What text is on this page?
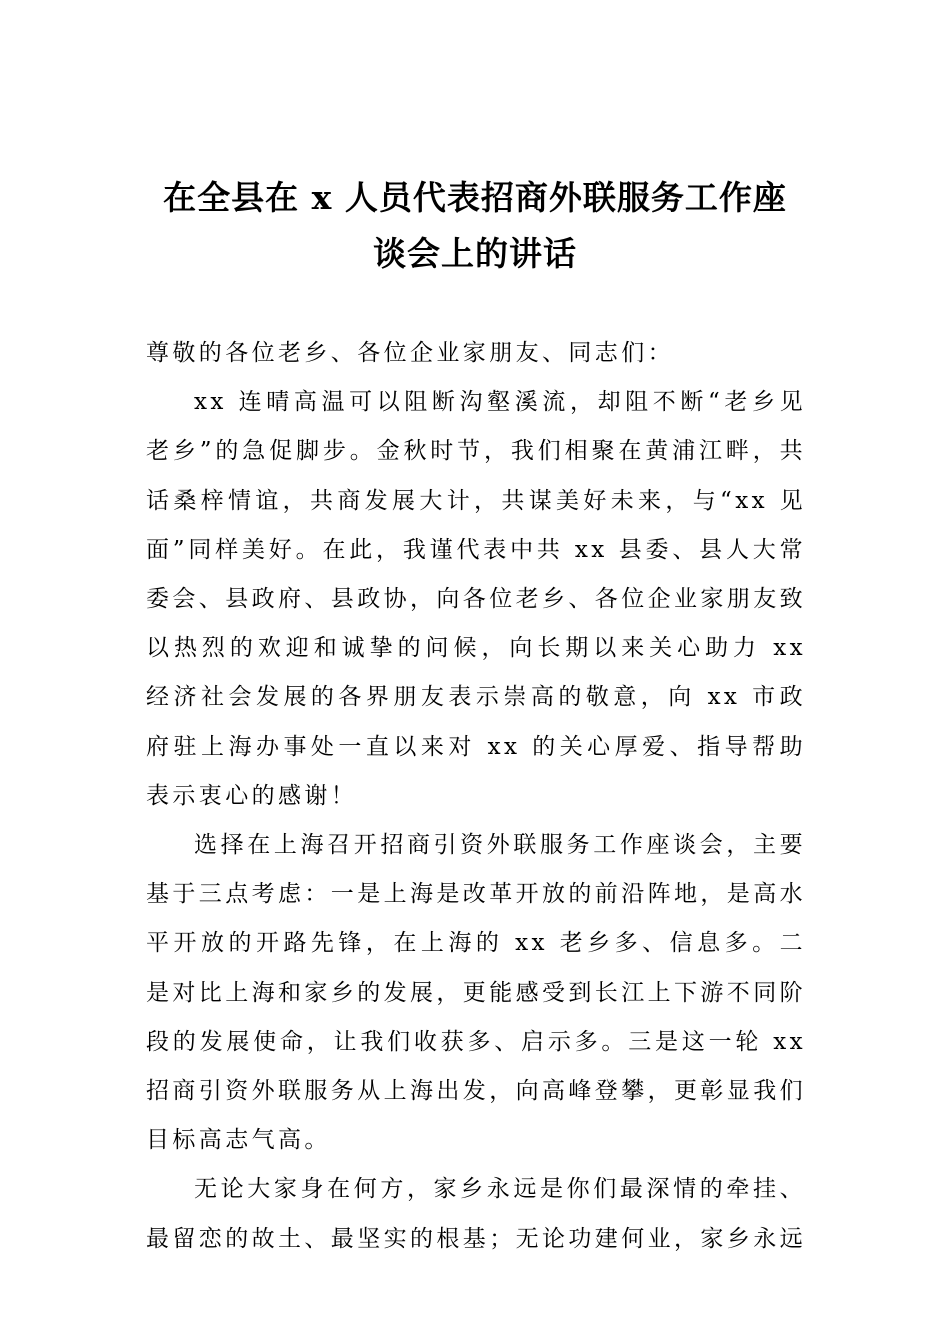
在全县在 x 人员代表招商外联服务工作座
谈会上的讲话

尊敬的各位老乡、各位企业家朋友、同志们：

xx 连晴高温可以阻断沟壑溪流，却阻不断“老乡见老乡”的急促脚步。金秋时节，我们相聚在黄浦江畔，共话桑梓情谊，共商发展大计，共谋美好未来，与“xx 见面”同样美好。在此，我谨代表中共 xx 县委、县人大常委会、县政府、县政协，向各位老乡、各位企业家朋友致以热烈的欢迎和诚挚的问候，向长期以来关心助力 xx 经济社会发展的各界朋友表示崇高的敬意，向 xx 市政府驻上海办事处一直以来对 xx 的关心厚爱、指导帮助表示衷心的感谢！

选择在上海召开招商引资外联服务工作座谈会，主要基于三点考虑：一是上海是改革开放的前沿阵地，是高水平开放的开路先锋，在上海的 xx 老乡多、信息多。二是对比上海和家乡的发展，更能感受到长江上下游不同阶段的发展使命，让我们收获多、启示多。三是这一轮 xx 招商引资外联服务从上海出发，向高峰登攀，更彰显我们目标高志气高。

无论大家身在何方，家乡永远是你们最深情的牵挂、最留恋的故土、最坚实的根基；无论功建何业，家乡永远
